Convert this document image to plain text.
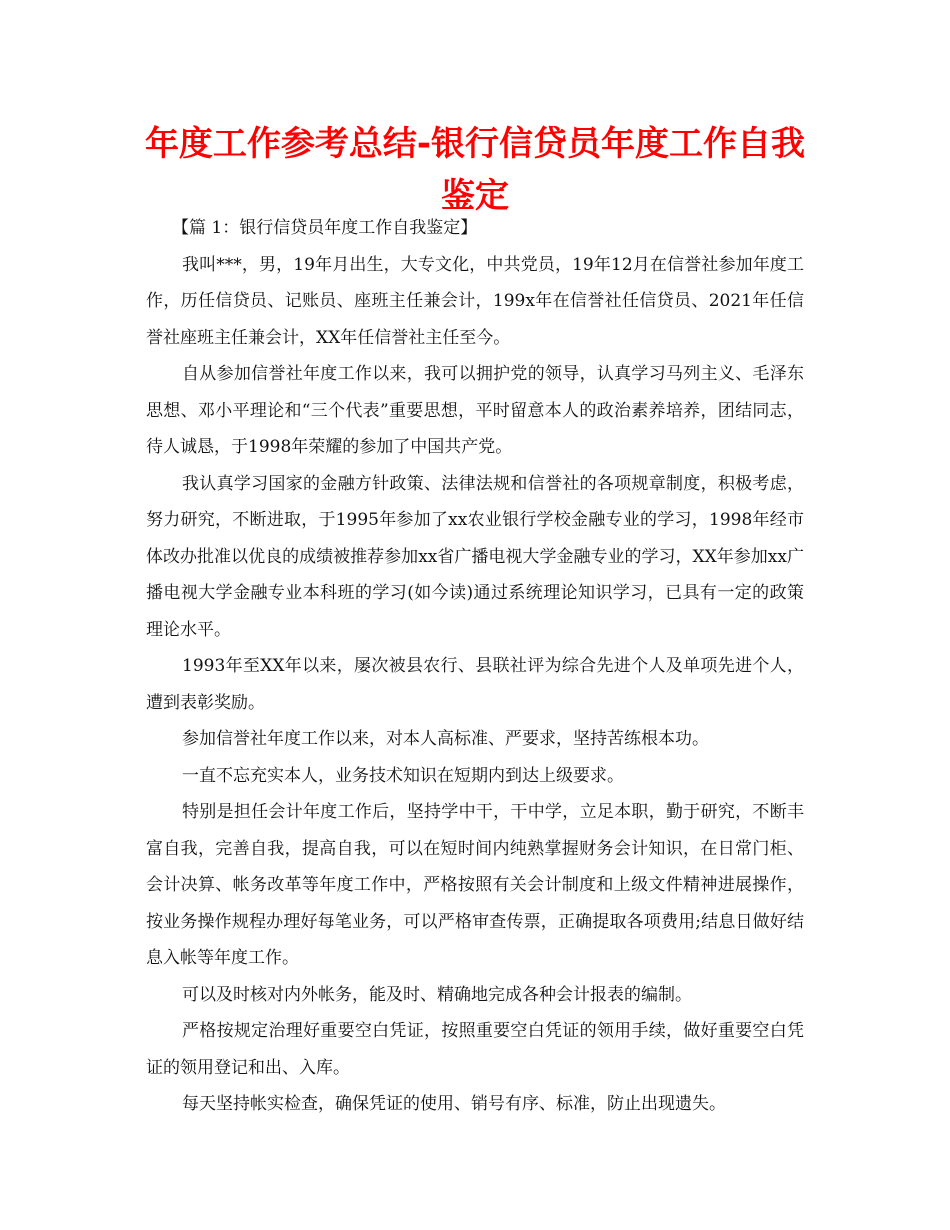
年度工作参考总结-银行信贷员年度工作自我鉴定

【篇 1：银行信贷员年度工作自我鉴定】

我叫***，男，19年月出生，大专文化，中共党员，19年12月在信誉社参加年度工作，历任信贷员、记账员、座班主任兼会计，199x年在信誉社任信贷员、2021年任信誉社座班主任兼会计，XX年任信誉社主任至今。

自从参加信誉社年度工作以来，我可以拥护党的领导，认真学习马列主义、毛泽东思想、邓小平理论和“三个代表”重要思想，平时留意本人的政治素养培养，团结同志，待人诚恳，于1998年荣耀的参加了中国共产党。

我认真学习国家的金融方针政策、法律法规和信誉社的各项规章制度，积极考虑，努力研究，不断进取，于1995年参加了xx农业银行学校金融专业的学习，1998年经市体改办批准以优良的成绩被推荐参加xx省广播电视大学金融专业的学习，XX年参加xx广播电视大学金融专业本科班的学习(如今读)通过系统理论知识学习，已具有一定的政策理论水平。

1993年至XX年以来，屡次被县农行、县联社评为综合先进个人及单项先进个人，遭到表彰奖励。

参加信誉社年度工作以来，对本人高标准、严要求，坚持苦练根本功。

一直不忘充实本人，业务技术知识在短期内到达上级要求。

特别是担任会计年度工作后，坚持学中干，干中学，立足本职，勤于研究，不断丰富自我，完善自我，提高自我，可以在短时间内纯熟掌握财务会计知识，在日常门柜、会计决算、帐务改革等年度工作中，严格按照有关会计制度和上级文件精神进展操作，按业务操作规程办理好每笔业务，可以严格审查传票，正确提取各项费用;结息日做好结息入帐等年度工作。

可以及时核对内外帐务，能及时、精确地完成各种会计报表的编制。

严格按规定治理好重要空白凭证，按照重要空白凭证的领用手续，做好重要空白凭证的领用登记和出、入库。

每天坚持帐实检查，确保凭证的使用、销号有序、标准，防止出现遗失。
